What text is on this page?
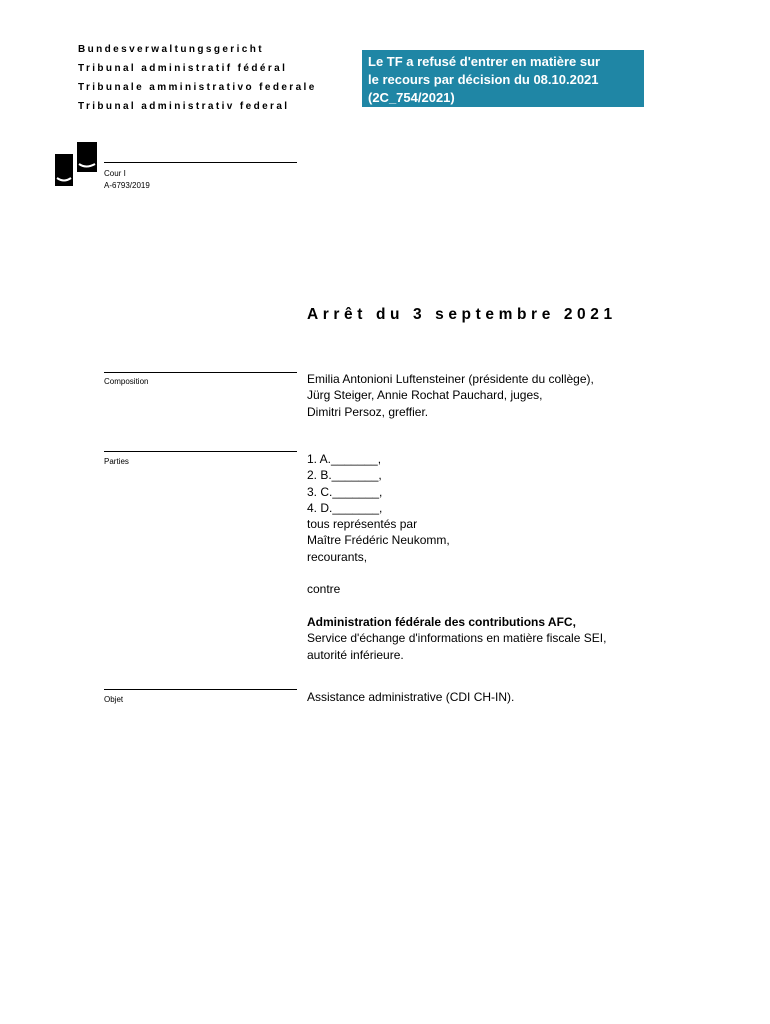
Bundesverwaltungsgericht
Tribunal administratif fédéral
Tribunale amministrativo federale
Tribunal administrativ federal
Le TF a refusé d'entrer en matière sur
le recours par décision du 08.10.2021
(2C_754/2021)
Cour I
A-6793/2019
Arrêt du 3 septembre 2021
Composition	Emilia Antonioni Luftensteiner (présidente du collège),
Jürg Steiger, Annie Rochat Pauchard, juges,
Dimitri Persoz, greffier.
Parties	1. A._______,
2. B._______,
3. C._______,
4. D._______,
tous représentés par
Maître Frédéric Neukomm,
recourants,
contre
Administration fédérale des contributions AFC,
Service d'échange d'informations en matière fiscale SEI,
autorité inférieure.
Objet	Assistance administrative (CDI CH-IN).
